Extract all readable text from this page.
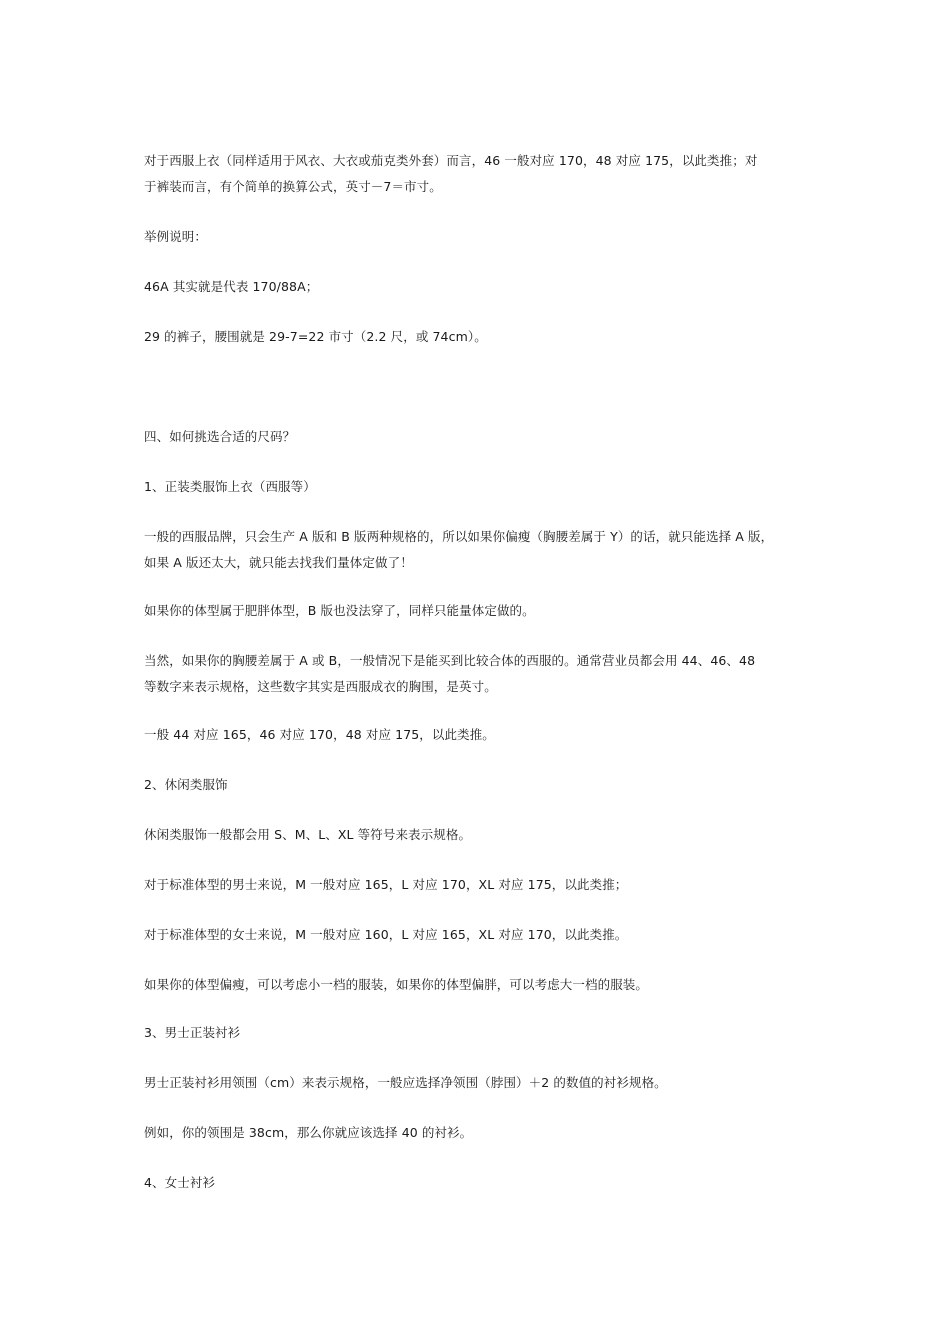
对于西服上衣（同样适用于风衣、大衣或茄克类外套）而言，46 一般对应 170，48 对应 175，以此类推；对
于裤装而言，有个简单的换算公式，英寸－7＝市寸。

举例说明：

46A 其实就是代表 170/88A；

29 的裤子，腰围就是 29-7=22 市寸（2.2 尺，或 74cm）。

四、如何挑选合适的尺码？

1、正装类服饰上衣（西服等）

一般的西服品牌，只会生产 A 版和 B 版两种规格的，所以如果你偏瘦（胸腰差属于 Y）的话，就只能选择 A 版，
如果 A 版还太大，就只能去找我们量体定做了！

如果你的体型属于肥胖体型，B 版也没法穿了，同样只能量体定做的。

当然，如果你的胸腰差属于 A 或 B，一般情况下是能买到比较合体的西服的。通常营业员都会用 44、46、48
等数字来表示规格，这些数字其实是西服成衣的胸围，是英寸。

一般 44 对应 165，46 对应 170，48 对应 175，以此类推。

2、休闲类服饰

休闲类服饰一般都会用 S、M、L、XL 等符号来表示规格。

对于标准体型的男士来说，M 一般对应 165，L 对应 170，XL 对应 175，以此类推；

对于标准体型的女士来说，M 一般对应 160，L 对应 165，XL 对应 170，以此类推。

如果你的体型偏瘦，可以考虑小一档的服装，如果你的体型偏胖，可以考虑大一档的服装。

3、男士正装衬衫

男士正装衬衫用领围（cm）来表示规格，一般应选择净领围（脖围）＋2 的数值的衬衫规格。

例如，你的领围是 38cm，那么你就应该选择 40 的衬衫。

4、女士衬衫
